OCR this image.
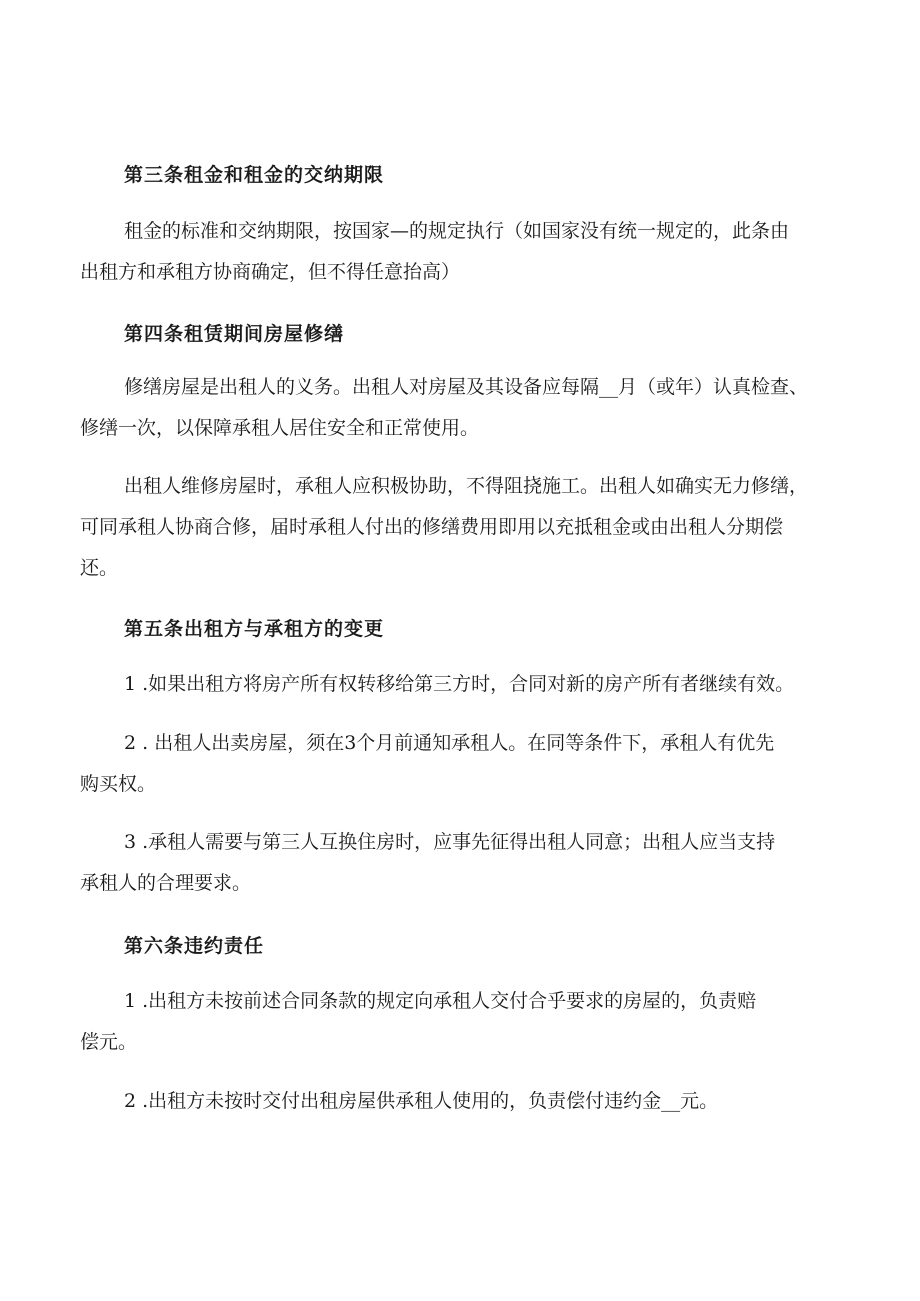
第三条租金和租金的交纳期限
租金的标准和交纳期限，按国家—的规定执行（如国家没有统一规定的，此条由
出租方和承租方协商确定，但不得任意抬高）
第四条租赁期间房屋修缮
修缮房屋是出租人的义务。出租人对房屋及其设备应每隔__月（或年）认真检查、
修缮一次，以保障承租人居住安全和正常使用。
出租人维修房屋时，承租人应积极协助，不得阻挠施工。出租人如确实无力修缮，
可同承租人协商合修，届时承租人付出的修缮费用即用以充抵租金或由出租人分期偿
还。
第五条出租方与承租方的变更
1 .如果出租方将房产所有权转移给第三方时，合同对新的房产所有者继续有效。
2 . 出租人出卖房屋，须在3个月前通知承租人。在同等条件下，承租人有优先
购买权。
3 .承租人需要与第三人互换住房时，应事先征得出租人同意；出租人应当支持
承租人的合理要求。
第六条违约责任
1 .出租方未按前述合同条款的规定向承租人交付合乎要求的房屋的，负责赔
偿元。
2 .出租方未按时交付出租房屋供承租人使用的，负责偿付违约金__元。
